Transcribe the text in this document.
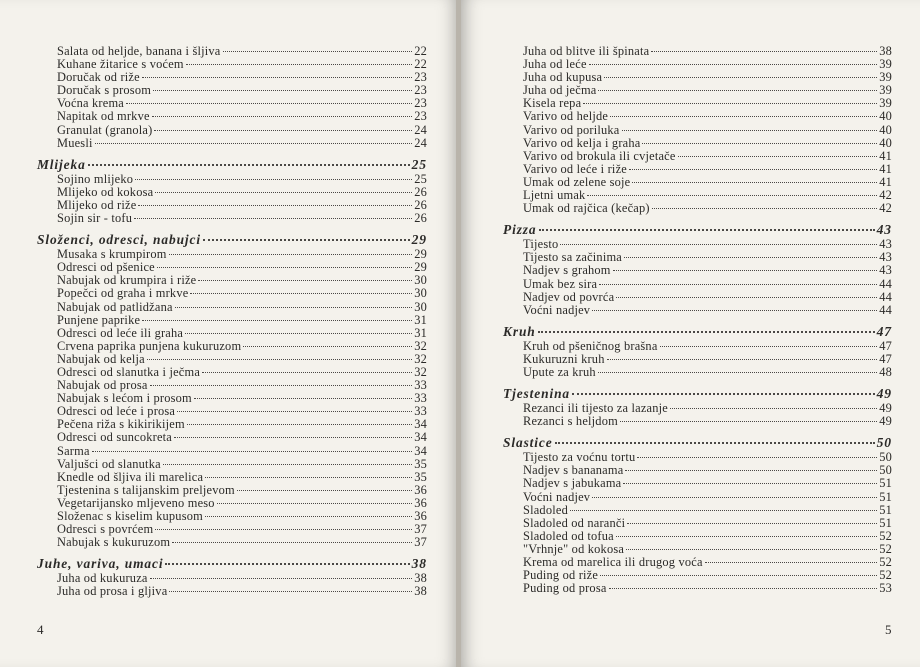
Salata od heljde, banana i šljiva	22
Kuhane žitarice s voćem	22
Doručak od riže	23
Doručak s prosom	23
Voćna krema	23
Napitak od mrkve	23
Granulat (granola)	24
Muesli	24
Mlijeka	25
Sojino mlijeko	25
Mlijeko od kokosa	26
Mlijeko od riže	26
Sojin sir - tofu	26
Složenci, odresci, nabujci	29
Musaka s krumpirom	29
Odresci od pšenice	29
Nabujak od krumpira i riže	30
Popečci od graha i mrkve	30
Nabujak od patlidžana	30
Punjene paprike	31
Odresci od leće ili graha	31
Crvena paprika punjena kukuruzom	32
Nabujak od kelja	32
Odresci od slanutka i ječma	32
Nabujak od prosa	33
Nabujak s lećom i prosom	33
Odresci od leće i prosa	33
Pečena riža s kikirikijem	34
Odresci od suncokreta	34
Sarma	34
Valjušci od slanutka	35
Knedle od šljiva ili marelica	35
Tjestenina s talijanskim preljevom	36
Vegetarijansko mljeveno meso	36
Složenac s kiselim kupusom	36
Odresci s povrćem	37
Nabujak s kukuruzom	37
Juhe, variva, umaci	38
Juha od kukuruza	38
Juha od prosa i gljiva	38
4
Juha od blitve ili špinata	38
Juha od leće	39
Juha od kupusa	39
Juha od ječma	39
Kisela repa	39
Varivo od heljde	40
Varivo od poriluka	40
Varivo od kelja i graha	40
Varivo od brokula ili cvjetače	41
Varivo od leće i riže	41
Umak od zelene soje	41
Ljetni umak	42
Umak od rajčica (kečap)	42
Pizza	43
Tijesto	43
Tijesto sa začinima	43
Nadjev s grahom	43
Umak bez sira	44
Nadjev od povrća	44
Voćni nadjev	44
Kruh	47
Kruh od pšeničnog brašna	47
Kukuruzni kruh	47
Upute za kruh	48
Tjestenina	49
Rezanci ili tijesto za lazanje	49
Rezanci s heljdom	49
Slastice	50
Tijesto za voćnu tortu	50
Nadjev s bananama	50
Nadjev s jabukama	51
Voćni nadjev	51
Sladoled	51
Sladoled od naranči	51
Sladoled od tofua	52
"Vrhnje" od kokosa	52
Krema od marelica ili drugog voća	52
Puding od riže	52
Puding od prosa	53
5
